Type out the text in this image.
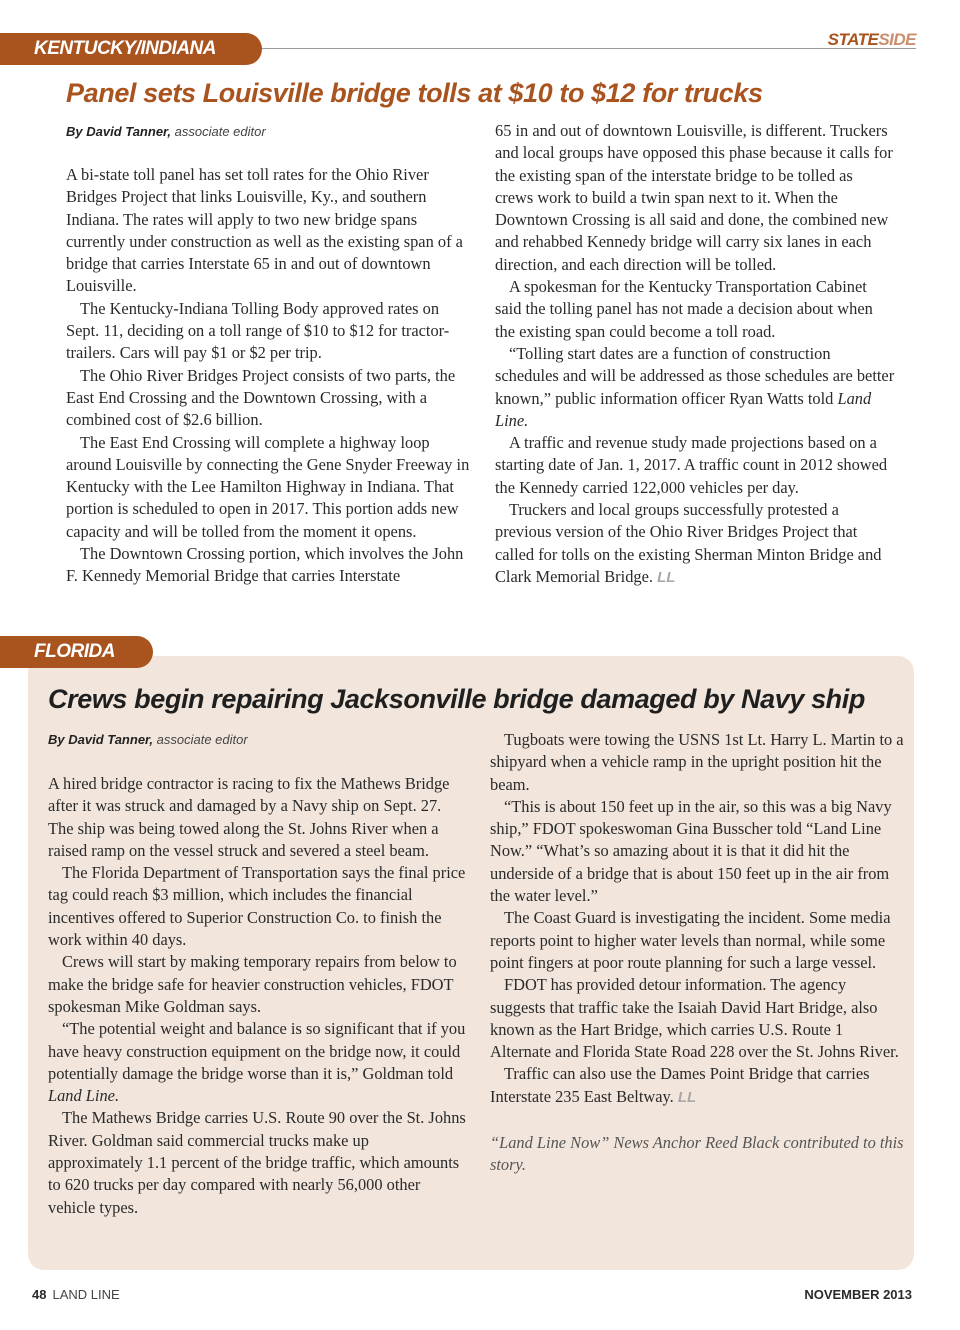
KENTUCKY/INDIANA	STATESIDE
Panel sets Louisville bridge tolls at $10 to $12 for trucks
By David Tanner, associate editor

A bi-state toll panel has set toll rates for the Ohio River Bridges Project that links Louisville, Ky., and southern Indiana. The rates will apply to two new bridge spans currently under construction as well as the existing span of a bridge that carries Interstate 65 in and out of downtown Louisville.

The Kentucky-Indiana Tolling Body approved rates on Sept. 11, deciding on a toll range of $10 to $12 for tractor-trailers. Cars will pay $1 or $2 per trip.

The Ohio River Bridges Project consists of two parts, the East End Crossing and the Downtown Crossing, with a combined cost of $2.6 billion.

The East End Crossing will complete a highway loop around Louisville by connecting the Gene Snyder Freeway in Kentucky with the Lee Hamilton Highway in Indiana. That portion is scheduled to open in 2017. This portion adds new capacity and will be tolled from the moment it opens.

The Downtown Crossing portion, which involves the John F. Kennedy Memorial Bridge that carries Interstate

65 in and out of downtown Louisville, is different. Truckers and local groups have opposed this phase because it calls for the existing span of the interstate bridge to be tolled as crews work to build a twin span next to it. When the Downtown Crossing is all said and done, the combined new and rehabbed Kennedy bridge will carry six lanes in each direction, and each direction will be tolled.

A spokesman for the Kentucky Transportation Cabinet said the tolling panel has not made a decision about when the existing span could become a toll road.

“Tolling start dates are a function of construction schedules and will be addressed as those schedules are better known,” public information officer Ryan Watts told Land Line.

A traffic and revenue study made projections based on a starting date of Jan. 1, 2017. A traffic count in 2012 showed the Kennedy carried 122,000 vehicles per day.

Truckers and local groups successfully protested a previous version of the Ohio River Bridges Project that called for tolls on the existing Sherman Minton Bridge and Clark Memorial Bridge. LL

FLORIDA
Crews begin repairing Jacksonville bridge damaged by Navy ship
By David Tanner, associate editor

A hired bridge contractor is racing to fix the Mathews Bridge after it was struck and damaged by a Navy ship on Sept. 27. The ship was being towed along the St. Johns River when a raised ramp on the vessel struck and severed a steel beam.

The Florida Department of Transportation says the final price tag could reach $3 million, which includes the financial incentives offered to Superior Construction Co. to finish the work within 40 days.

Crews will start by making temporary repairs from below to make the bridge safe for heavier construction vehicles, FDOT spokesman Mike Goldman says.

“The potential weight and balance is so significant that if you have heavy construction equipment on the bridge now, it could potentially damage the bridge worse than it is,” Goldman told Land Line.

The Mathews Bridge carries U.S. Route 90 over the St. Johns River. Goldman said commercial trucks make up approximately 1.1 percent of the bridge traffic, which amounts to 620 trucks per day compared with nearly 56,000 other vehicle types.

Tugboats were towing the USNS 1st Lt. Harry L. Martin to a shipyard when a vehicle ramp in the upright position hit the beam.

“This is about 150 feet up in the air, so this was a big Navy ship,” FDOT spokeswoman Gina Busscher told “Land Line Now.” “What’s so amazing about it is that it did hit the underside of a bridge that is about 150 feet up in the air from the water level.”

The Coast Guard is investigating the incident. Some media reports point to higher water levels than normal, while some point fingers at poor route planning for such a large vessel.

FDOT has provided detour information. The agency suggests that traffic take the Isaiah David Hart Bridge, also known as the Hart Bridge, which carries U.S. Route 1 Alternate and Florida State Road 228 over the St. Johns River.

Traffic can also use the Dames Point Bridge that carries Interstate 235 East Beltway. LL

“Land Line Now” News Anchor Reed Black contributed to this story.

48 LAND LINE	NOVEMBER 2013
